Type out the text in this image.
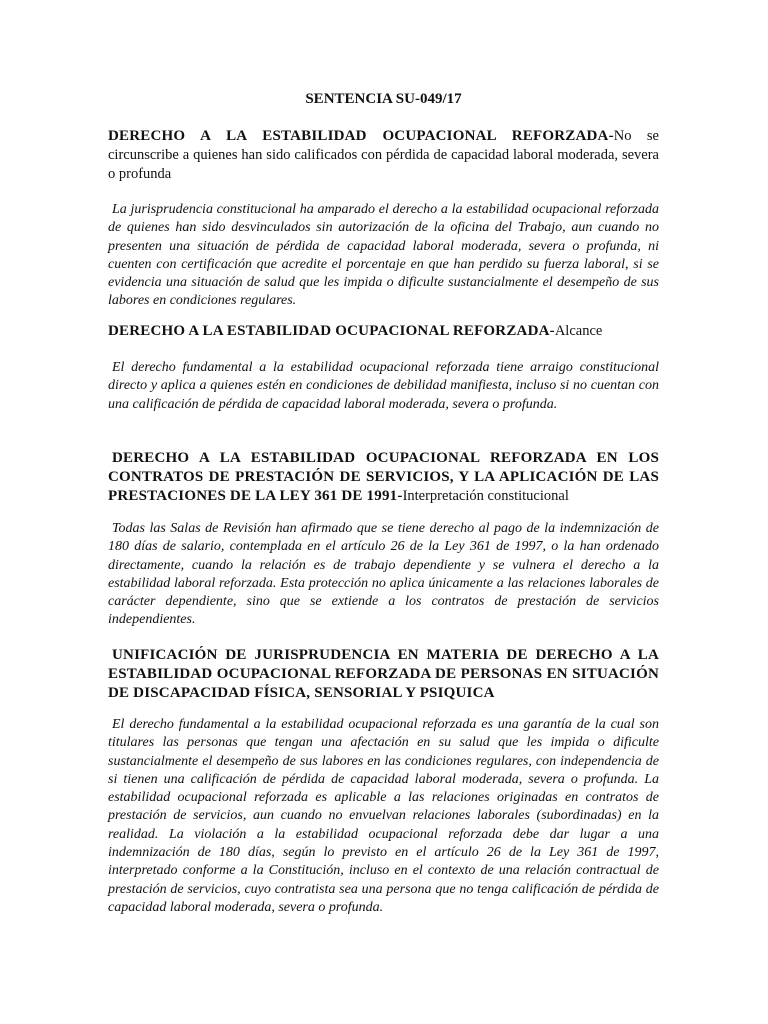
SENTENCIA SU-049/17
DERECHO A LA ESTABILIDAD OCUPACIONAL REFORZADA-No se circunscribe a quienes han sido calificados con pérdida de capacidad laboral moderada, severa o profunda
La jurisprudencia constitucional ha amparado el derecho a la estabilidad ocupacional reforzada de quienes han sido desvinculados sin autorización de la oficina del Trabajo, aun cuando no presenten una situación de pérdida de capacidad laboral moderada, severa o profunda, ni cuenten con certificación que acredite el porcentaje en que han perdido su fuerza laboral, si se evidencia una situación de salud que les impida o dificulte sustancialmente el desempeño de sus labores en condiciones regulares.
DERECHO A LA ESTABILIDAD OCUPACIONAL REFORZADA-Alcance
El derecho fundamental a la estabilidad ocupacional reforzada tiene arraigo constitucional directo y aplica a quienes estén en condiciones de debilidad manifiesta, incluso si no cuentan con una calificación de pérdida de capacidad laboral moderada, severa o profunda.
DERECHO A LA ESTABILIDAD OCUPACIONAL REFORZADA EN LOS CONTRATOS DE PRESTACIÓN DE SERVICIOS, Y LA APLICACIÓN DE LAS PRESTACIONES DE LA LEY 361 DE 1991-Interpretación constitucional
Todas las Salas de Revisión han afirmado que se tiene derecho al pago de la indemnización de 180 días de salario, contemplada en el artículo 26 de la Ley 361 de 1997, o la han ordenado directamente, cuando la relación es de trabajo dependiente y se vulnera el derecho a la estabilidad laboral reforzada. Esta protección no aplica únicamente a las relaciones laborales de carácter dependiente, sino que se extiende a los contratos de prestación de servicios independientes.
UNIFICACIÓN DE JURISPRUDENCIA EN MATERIA DE DERECHO A LA ESTABILIDAD OCUPACIONAL REFORZADA DE PERSONAS EN SITUACIÓN DE DISCAPACIDAD FÍSICA, SENSORIAL Y PSIQUICA
El derecho fundamental a la estabilidad ocupacional reforzada es una garantía de la cual son titulares las personas que tengan una afectación en su salud que les impida o dificulte sustancialmente el desempeño de sus labores en las condiciones regulares, con independencia de si tienen una calificación de pérdida de capacidad laboral moderada, severa o profunda. La estabilidad ocupacional reforzada es aplicable a las relaciones originadas en contratos de prestación de servicios, aun cuando no envuelvan relaciones laborales (subordinadas) en la realidad. La violación a la estabilidad ocupacional reforzada debe dar lugar a una indemnización de 180 días, según lo previsto en el artículo 26 de la Ley 361 de 1997, interpretado conforme a la Constitución, incluso en el contexto de una relación contractual de prestación de servicios, cuyo contratista sea una persona que no tenga calificación de pérdida de capacidad laboral moderada, severa o profunda.
